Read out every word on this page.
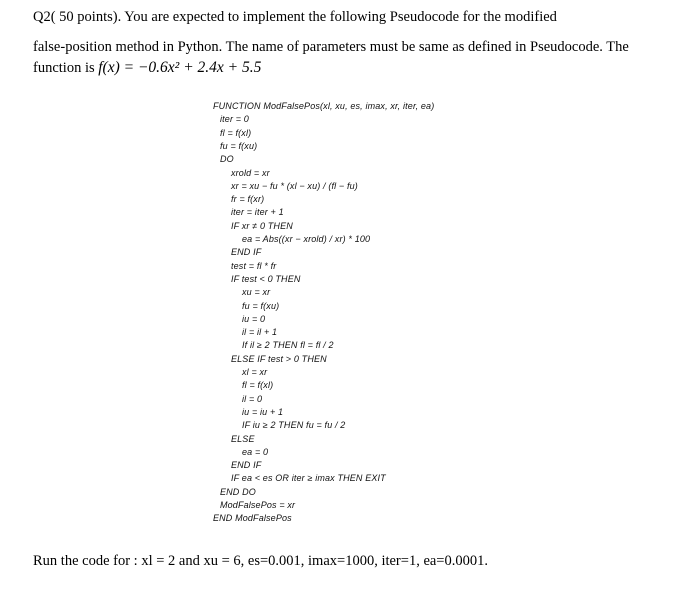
Q2( 50 points). You are expected to implement the following Pseudocode for the modified
false-position method in Python. The name of parameters must be same as defined in Pseudocode. The
function is f(x) = −0.6x² + 2.4x + 5.5
FUNCTION ModFalsePos(xl, xu, es, imax, xr, iter, ea)
iter = 0
fl = f(xl)
fu = f(xu)
DO
xrold = xr
xr = xu − fu * (xl − xu) / (fl − fu)
fr = f(xr)
iter = iter + 1
IF xr ≠ 0 THEN
ea = Abs((xr − xrold) / xr) * 100
END IF
test = fl * fr
IF test < 0 THEN
xu = xr
fu = f(xu)
iu = 0
il = il + 1
If il ≥ 2 THEN fl = fl / 2
ELSE IF test > 0 THEN
xl = xr
fl = f(xl)
il = 0
iu = iu + 1
IF iu ≥ 2 THEN fu = fu / 2
ELSE
ea = 0
END IF
IF ea < es OR iter ≥ imax THEN EXIT
END DO
ModFalsePos = xr
END ModFalsePos
Run the code for : xl = 2 and xu = 6, es=0.001, imax=1000, iter=1, ea=0.0001.
